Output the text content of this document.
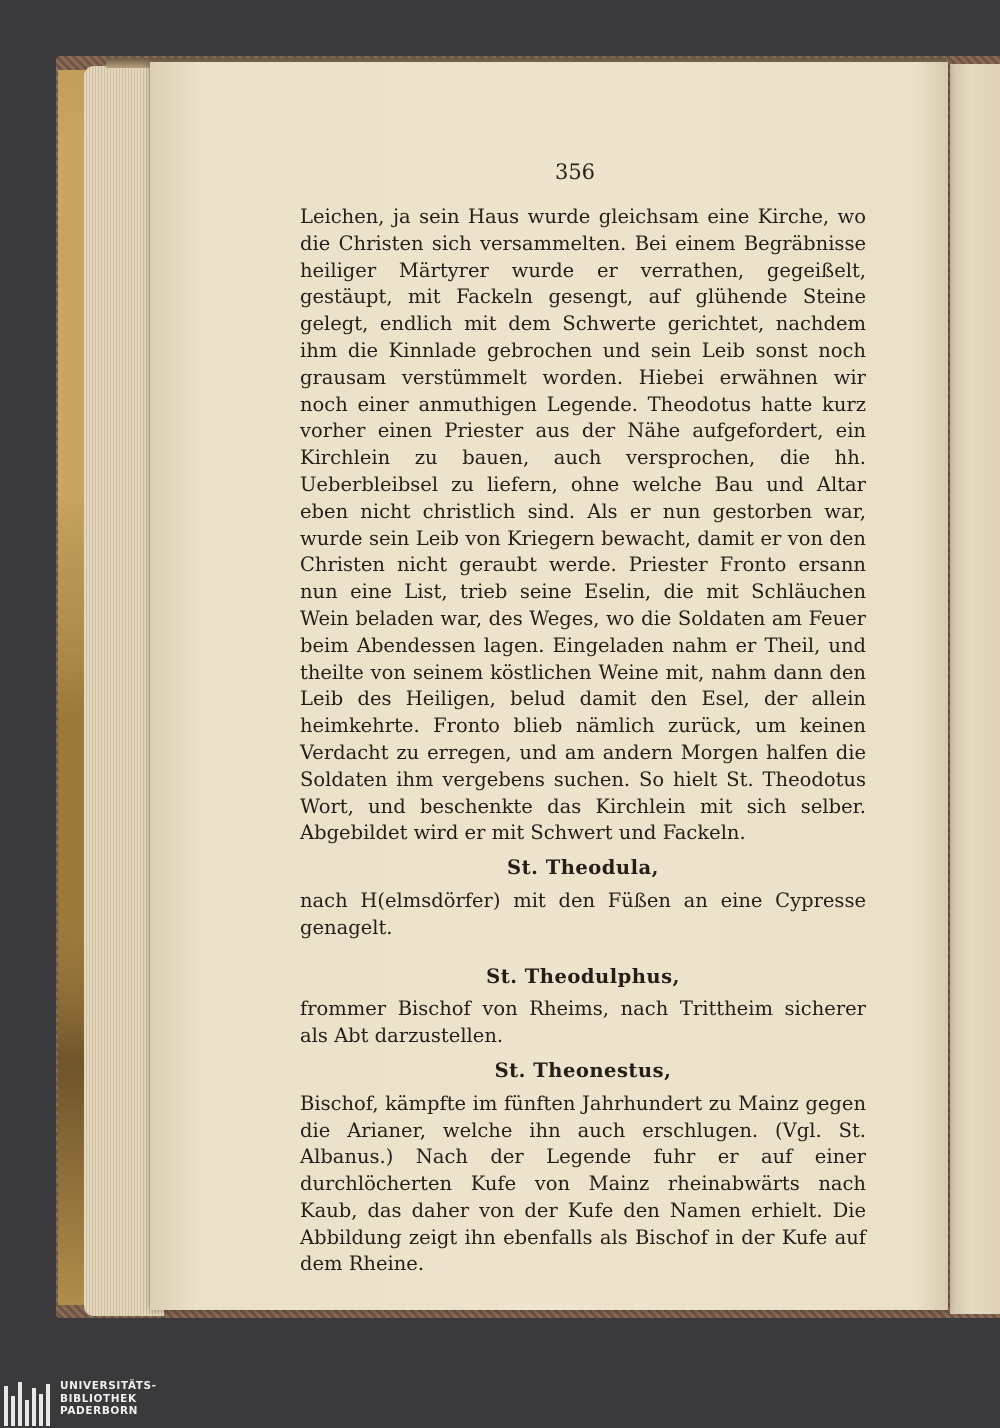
356

Leichen, ja sein Haus wurde gleichsam eine Kirche, wo die Christen sich versammelten. Bei einem Begräbnisse heiliger Märtyrer wurde er verrathen, gegeißelt, gestäupt, mit Fackeln gesengt, auf glühende Steine gelegt, endlich mit dem Schwerte gerichtet, nachdem ihm die Kinnlade gebrochen und sein Leib sonst noch grausam verstümmelt worden. Hiebei erwähnen wir noch einer anmuthigen Legende. Theodotus hatte kurz vorher einen Priester aus der Nähe aufgefordert, ein Kirchlein zu bauen, auch versprochen, die hh. Ueberbleibsel zu liefern, ohne welche Bau und Altar eben nicht christlich sind. Als er nun gestorben war, wurde sein Leib von Kriegern bewacht, damit er von den Christen nicht geraubt werde. Priester Fronto ersann nun eine List, trieb seine Eselin, die mit Schläuchen Wein beladen war, des Weges, wo die Soldaten am Feuer beim Abendessen lagen. Eingeladen nahm er Theil, und theilte von seinem köstlichen Weine mit, nahm dann den Leib des Heiligen, belud damit den Esel, der allein heimkehrte. Fronto blieb nämlich zurück, um keinen Verdacht zu erregen, und am andern Morgen halfen die Soldaten ihm vergebens suchen. So hielt St. Theodotus Wort, und beschenkte das Kirchlein mit sich selber. Abgebildet wird er mit Schwert und Fackeln.

St. Theodula,

nach H(elmsdörfer) mit den Füßen an eine Cypresse genagelt.

St. Theodulphus,

frommer Bischof von Rheims, nach Trittheim sicherer als Abt darzustellen.

St. Theonestus,

Bischof, kämpfte im fünften Jahrhundert zu Mainz gegen die Arianer, welche ihn auch erschlugen. (Vgl. St. Albanus.) Nach der Legende fuhr er auf einer durchlöcherten Kufe von Mainz rheinabwärts nach Kaub, das daher von der Kufe den Namen erhielt. Die Abbildung zeigt ihn ebenfalls als Bischof in der Kufe auf dem Rheine.

UNIVERSITÄTS-
BIBLIOTHEK
PADERBORN
